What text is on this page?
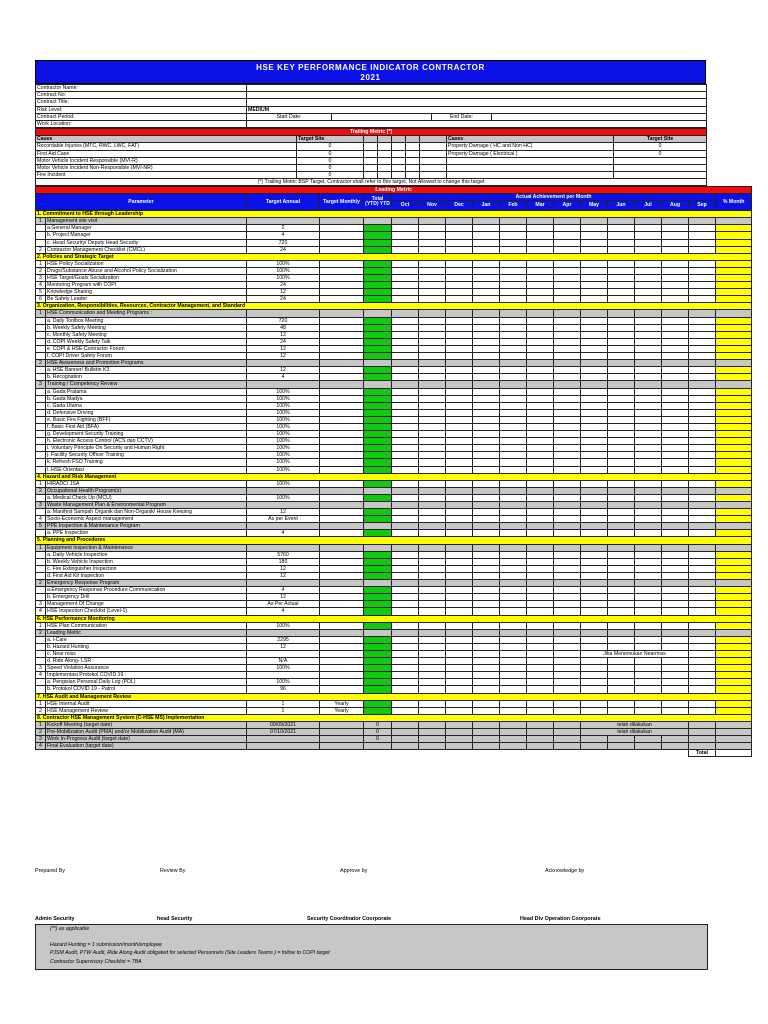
HSE KEY PERFORMANCE INDICATOR CONTRACTOR
2021
Contractor Name:				
Contract No:				
Contract Title:				
Risk Level:	MEDIUM			
Contract Period:	Start Date:		End Date:	
Work Location:				
Trailing Metric (*)								
Cases	Target Site						Cases	Target Site
Recordable Injuries (MTC, RWC, LWC, FAT)	0						Property Damage ( HC and Non HC)	0
First Aid Case	0						Property Damage ( Electrical )	0
Motor Vehicle Incident Responsible (MVI-R)	0							
Motor Vehicle Incident Non-Responsible (MVI-NR)	0							
Fire Incident	0							
(*) Trailing Metric BSP Target, Contractor shall refer to this target, Not Allowed to change this target								
Leading Metric																	
Parameter		Target Annual	Target Monthly	Total (YTD) YTD	Actual Achievement per Month												% Month
					Oct	Nov	Dec	Jan	Feb	Mar	Apr	May	Jun	Jul	Aug	Sep	
1. Commitment to HSE through Leadership																	
1	Management site visit																
	a.General Manager	2															
	b. Project Manager	4															
	c. Head Security/ Deputy Head Security	720															
2	Contractor Management Checklist (CMCL)	24															
2. Policies and Strategic Target																	
1	HSE Policy Socialization	100%															
2	Drugs/Substance Abuse and Alcohol Policy Socialization	100%															
3	HSE Target/Goals Socialization	100%															
4	Mentoring Program with COPI	24															
5	Knowledge Sharing	12															
6	Be Safety Leader	24															
3. Organization, Responsibilities, Resources, Contractor Management, and Standard																	
1	HSE Communication and Meeting Programs :																
	a. Daily Toolbox Meeting	720															
	b. Weekly Safety Meeting	48															
	c. Monthly Safety Meeting	12															
	d. COPI Weekly Safety Talk	24															
	e. COPI & HSE Contractor Forum	12															
	f. COPI Driver Safety Forum	12															
2	HSE Awareness and Promotion Programs																
	a. HSE Banner/ Bulletin K3	12															
	b. Recognation	4															
3	Training / Competency Review																
	a. Gada Pratama	100%															
	b. Gada Madya	100%															
	c. Gada Utama	100%															
	d. Defensive Driving	100%															
	e. Basic Fire Fighting (BFF)	100%															
	f. Basic First Aid (BFA)	100%															
	g. Development Security Training	100%															
	h. Electronic Access Control (ACS dan CCTV)	100%															
	i. Voluntary Principle On Security and Human Right	100%															
	j. Facility Security Officer Training	100%															
	k. Refresh FSO Training	100%															
	l. HSE Orientasi	100%															
4. Hazard and Risk Management																	
1	HIRADC/ JSA	100%															
2	Occupational Health Program(s)																
	a. Medical Check Up (MCU)	100%															
3	Waste Management Plan & Environmental Program																
	a. Manifest Sampah Organik dan Non-Organik/ House Keeping	12															
4	Socio-Economic Aspect management	As per Event															
5	PPE Inspection & Maintenance Program																
	a. PPE Inspection	4															
5. Planning and Procedures																	
1	Equipment Inspection & Maintenance																
	a. Daily Vehicle Inspection	5760															
	b. Weekly Vehicle Inspection	180															
	c. Fire Extinguisher Inspection	12															
	d. First Aid Kit Inspection	12															
2	Emergency Response Program																
	a.Emergency Response Procedure Communication	4															
	b. Emergency Drill	12															
3	Management Of Change	As Per Actual															
4	HSE Inspection Checklist (Level-1)	4															
6. HSE Performance Monitoring																	
1	HSE Plan Communication	100%															
2	Leading Metric																
	a. i-Care	2295															
	b. Hazard Hunting	12															
	c. Near miss											Jika Menemukan Nearmiss					
	d. Ride Along- LSR	N/A															
3	Speed Violation Assurance	100%															
4	Implementasi Protokol COVID 19 :																
	a. Pengisian Personal Daily Log (PDL)	100%															
	b. Protokol COVID 19 - Patrol	96															
7. HSE Audit and Management Review																	
1	HSE Internal Audit	1	Yearly														
2	HSE Management Review	1	Yearly														
8. Contractor HSE Management System (C-HSE MS) Implementation																	
1	Kickoff Meeting (target date)	09/09/2021		0								telah dilakukan					
2	Pre-Mobilization Audit (PMA) and/or Mobilization Audit (MA)	07/10/2021		0								telah dilakukan					
3	Work In-Progress Audit (target date)			0													
4	Final Evaluation (target date)																
																Total	
Prepared By	Review By	Approve by	Acknowledge by
Admin Security	head Security	Security Coordinator Coorporate	Head Div Operation Coorporate
(**) as applicable
Hazard Hunting = 1 submission/month/employee
PJSM Audit, PTW Audit, Ride Along Audit obligated for selected Personnels (Site Leaders Teams ) = follow to COPI target
Contractor Supervisory Checklist = TBA
